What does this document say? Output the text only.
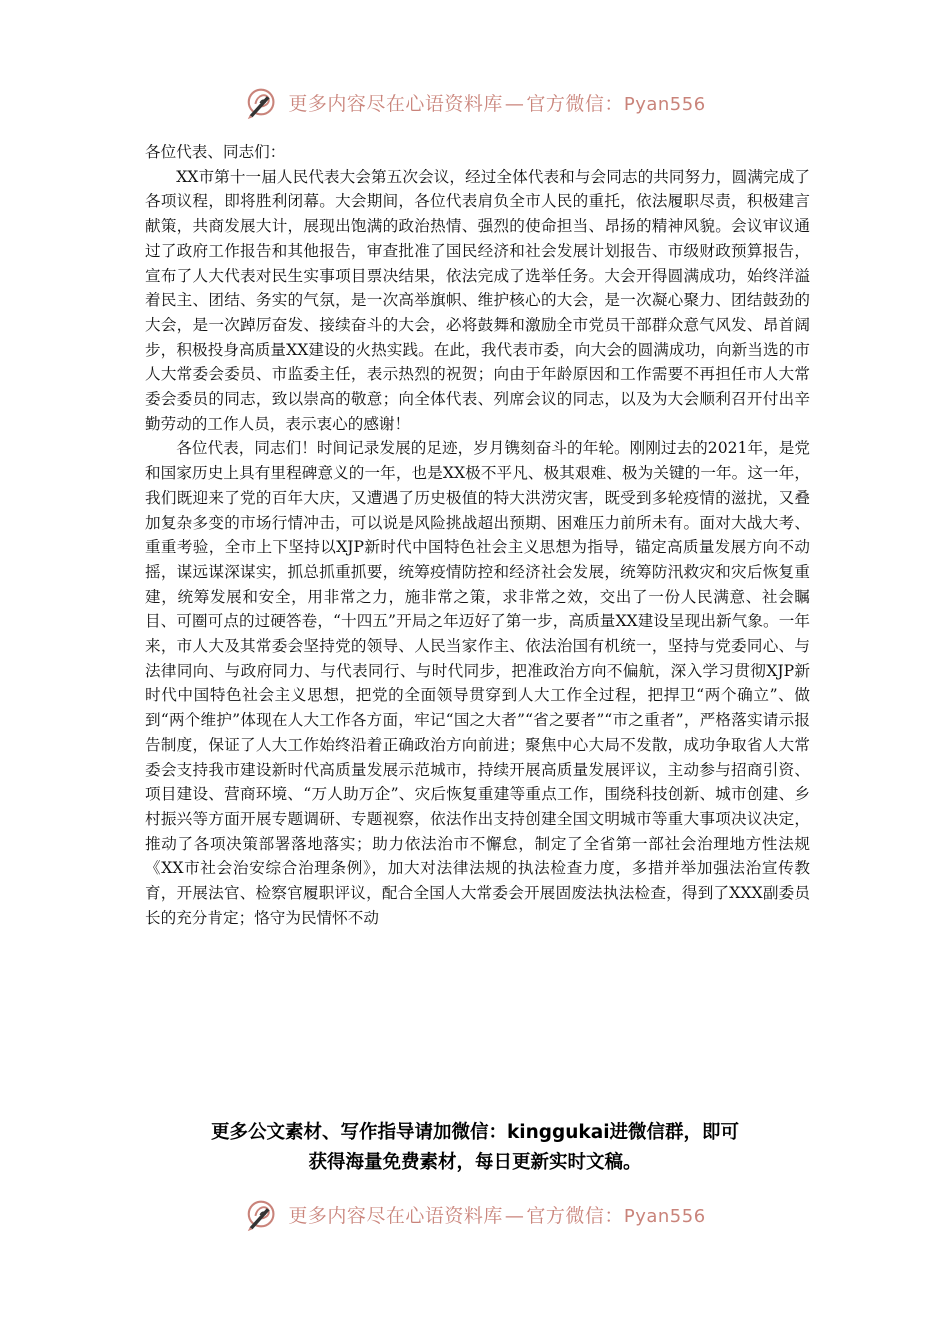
更多内容尽在心语资料库 — 官方微信：Pyan556

各位代表、同志们：

XX市第十一届人民代表大会第五次会议，经过全体代表和与会同志的共同努力，圆满完成了各项议程，即将胜利闭幕。大会期间，各位代表肩负全市人民的重托，依法履职尽责，积极建言献策，共商发展大计，展现出饱满的政治热情、强烈的使命担当、昂扬的精神风貌。会议审议通过了政府工作报告和其他报告，审查批准了国民经济和社会发展计划报告、市级财政预算报告，宣布了人大代表对民生实事项目票决结果，依法完成了选举任务。大会开得圆满成功，始终洋溢着民主、团结、务实的气氛，是一次高举旗帜、维护核心的大会，是一次凝心聚力、团结鼓劲的大会，是一次踔厉奋发、接续奋斗的大会，必将鼓舞和激励全市党员干部群众意气风发、昂首阔步，积极投身高质量XX建设的火热实践。在此，我代表市委，向大会的圆满成功，向新当选的市人大常委会委员、市监委主任，表示热烈的祝贺；向由于年龄原因和工作需要不再担任市人大常委会委员的同志，致以崇高的敬意；向全体代表、列席会议的同志，以及为大会顺利召开付出辛勤劳动的工作人员，表示衷心的感谢！

各位代表，同志们！时间记录发展的足迹，岁月镌刻奋斗的年轮。刚刚过去的2021年，是党和国家历史上具有里程碑意义的一年，也是XX极不平凡、极其艰难、极为关键的一年。这一年，我们既迎来了党的百年大庆，又遭遇了历史极值的特大洪涝灾害，既受到多轮疫情的滋扰，又叠加复杂多变的市场行情冲击，可以说是风险挑战超出预期、困难压力前所未有。面对大战大考、重重考验，全市上下坚持以XJP新时代中国特色社会主义思想为指导，锚定高质量发展方向不动摇，谋远谋深谋实，抓总抓重抓要，统筹疫情防控和经济社会发展，统筹防汛救灾和灾后恢复重建，统筹发展和安全，用非常之力，施非常之策，求非常之效，交出了一份人民满意、社会瞩目、可圈可点的过硬答卷，“十四五”开局之年迈好了第一步，高质量XX建设呈现出新气象。一年来，市人大及其常委会坚持党的领导、人民当家作主、依法治国有机统一，坚持与党委同心、与法律同向、与政府同力、与代表同行、与时代同步，把准政治方向不偏航，深入学习贯彻XJP新时代中国特色社会主义思想，把党的全面领导贯穿到人大工作全过程，把捍卫“两个确立”、做到“两个维护”体现在人大工作各方面，牢记“国之大者”“省之要者”“市之重者”，严格落实请示报告制度，保证了人大工作始终沿着正确政治方向前进；聚焦中心大局不发散，成功争取省人大常委会支持我市建设新时代高质量发展示范城市，持续开展高质量发展评议，主动参与招商引资、项目建设、营商环境、“万人助万企”、灾后恢复重建等重点工作，围绕科技创新、城市创建、乡村振兴等方面开展专题调研、专题视察，依法作出支持创建全国文明城市等重大事项决议决定，推动了各项决策部署落地落实；助力依法治市不懈怠，制定了全省第一部社会治理地方性法规《XX市社会治安综合治理条例》，加大对法律法规的执法检查力度，多措并举加强法治宣传教育，开展法官、检察官履职评议，配合全国人大常委会开展固废法执法检查，得到了XXX副委员长的充分肯定；恪守为民情怀不动

更多公文素材、写作指导请加微信：kinggukai进微信群，即可
获得海量免费素材，每日更新实时文稿。
更多内容尽在心语资料库 — 官方微信：Pyan556
